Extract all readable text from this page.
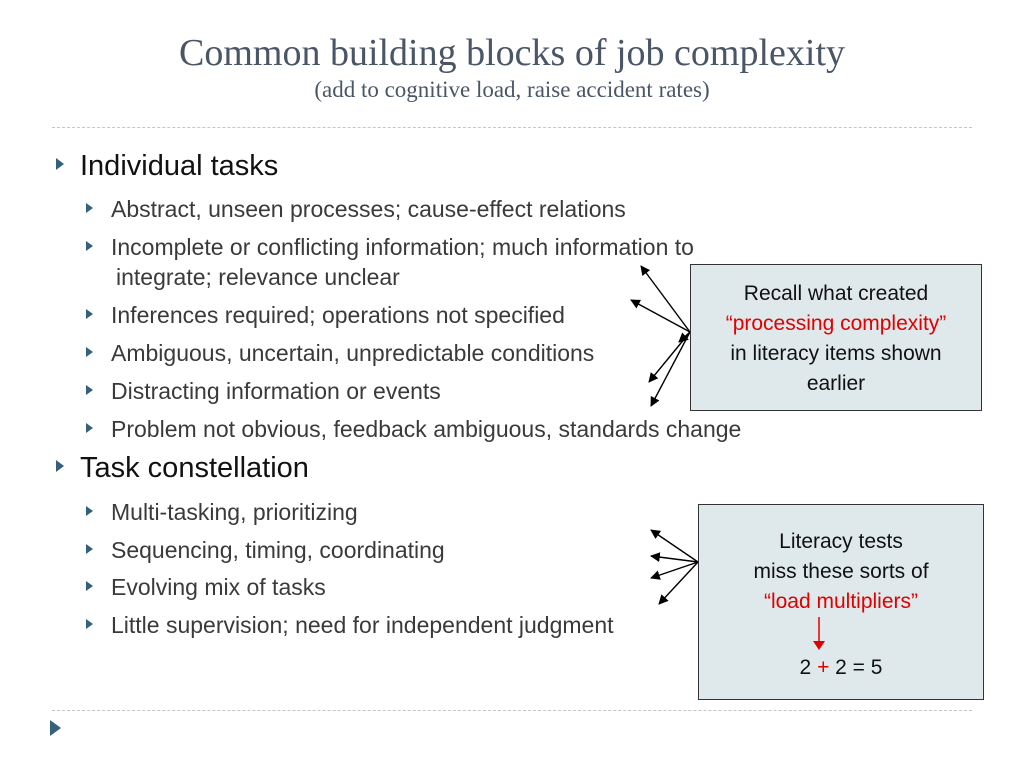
Common building blocks of job complexity
(add to cognitive load, raise accident rates)
Individual tasks
Abstract, unseen processes; cause-effect relations
Incomplete or conflicting information; much information to
integrate; relevance unclear
Inferences required; operations not specified
Ambiguous, uncertain, unpredictable conditions
Distracting information or events
Problem not obvious, feedback ambiguous, standards change
Task constellation
Multi-tasking, prioritizing
Sequencing, timing, coordinating
Evolving mix of tasks
Little supervision; need for independent judgment
Recall what created
“processing complexity”
in literacy items shown
earlier
Literacy tests
miss these sorts of
“load multipliers”
2 + 2 = 5
